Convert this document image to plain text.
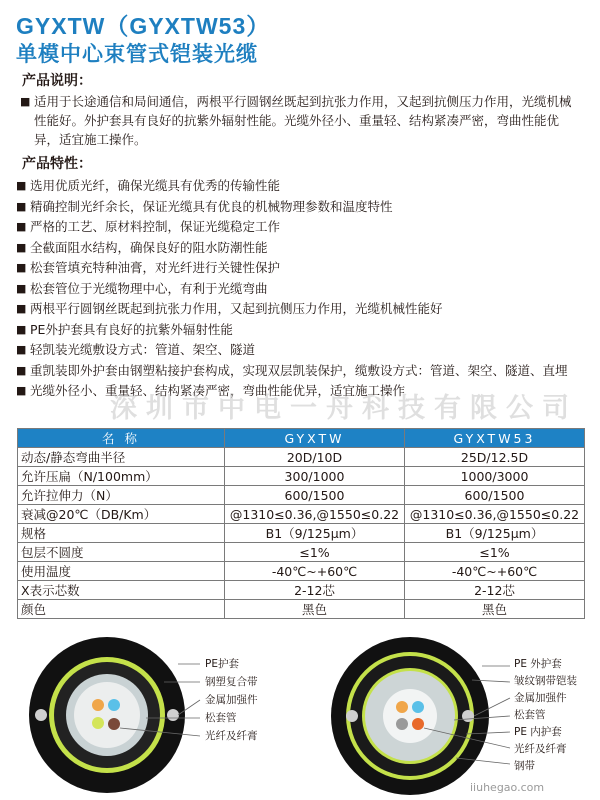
GYXTW（GYXTW53）
单模中心束管式铠装光缆
产品说明：
■ 适用于长途通信和局间通信，两根平行圆钢丝既起到抗张力作用，又起到抗侧压力作用，光缆机械性能好。外护套具有良好的抗紫外辐射性能。光缆外径小、重量轻、结构紧凑严密，弯曲性能优异，适宜施工操作。
产品特性：
■ 选用优质光纤，确保光缆具有优秀的传输性能
■ 精确控制光纤余长，保证光缆具有优良的机械物理参数和温度特性
■ 严格的工艺、原材料控制，保证光缆稳定工作
■ 全截面阻水结构，确保良好的阻水防潮性能
■ 松套管填充特种油膏，对光纤进行关键性保护
■ 松套管位于光缆物理中心，有利于光缆弯曲
■ 两根平行圆钢丝既起到抗张力作用，又起到抗侧压力作用，光缆机械性能好
■ PE外护套具有良好的抗紫外辐射性能
■ 轻凯装光缆敷设方式：管道、架空、隧道
■ 重凯装即外护套由钢塑粘接护套构成，实现双层凯装保护，缆敷设方式：管道、架空、隧道、直埋
■ 光缆外径小、重量轻、结构紧凑严密，弯曲性能优异，适宜施工操作
深圳市中电一舟科技有限公司
名 称	GYXTW	GYXTW53
动态/静态弯曲半径	20D/10D	25D/12.5D
允许压扁（N/100mm）	300/1000	1000/3000
允许拉伸力（N）	600/1500	600/1500
衰减@20℃（DB/Km）	@1310≤0.36,@1550≤0.22	@1310≤0.36,@1550≤0.22
规格	B1（9/125μm）	B1（9/125μm）
包层不圆度	≤1%	≤1%
使用温度	-40℃~+60℃	-40℃~+60℃
X表示芯数	2-12芯	2-12芯
颜色	黑色	黑色
PE护套
钢塑复合带
金属加强件
松套管
光纤及纤膏
PE 外护套
皱纹钢带铠装
金属加强件
松套管
PE 内护套
光纤及纤膏
钢带
iiuhegao.com
